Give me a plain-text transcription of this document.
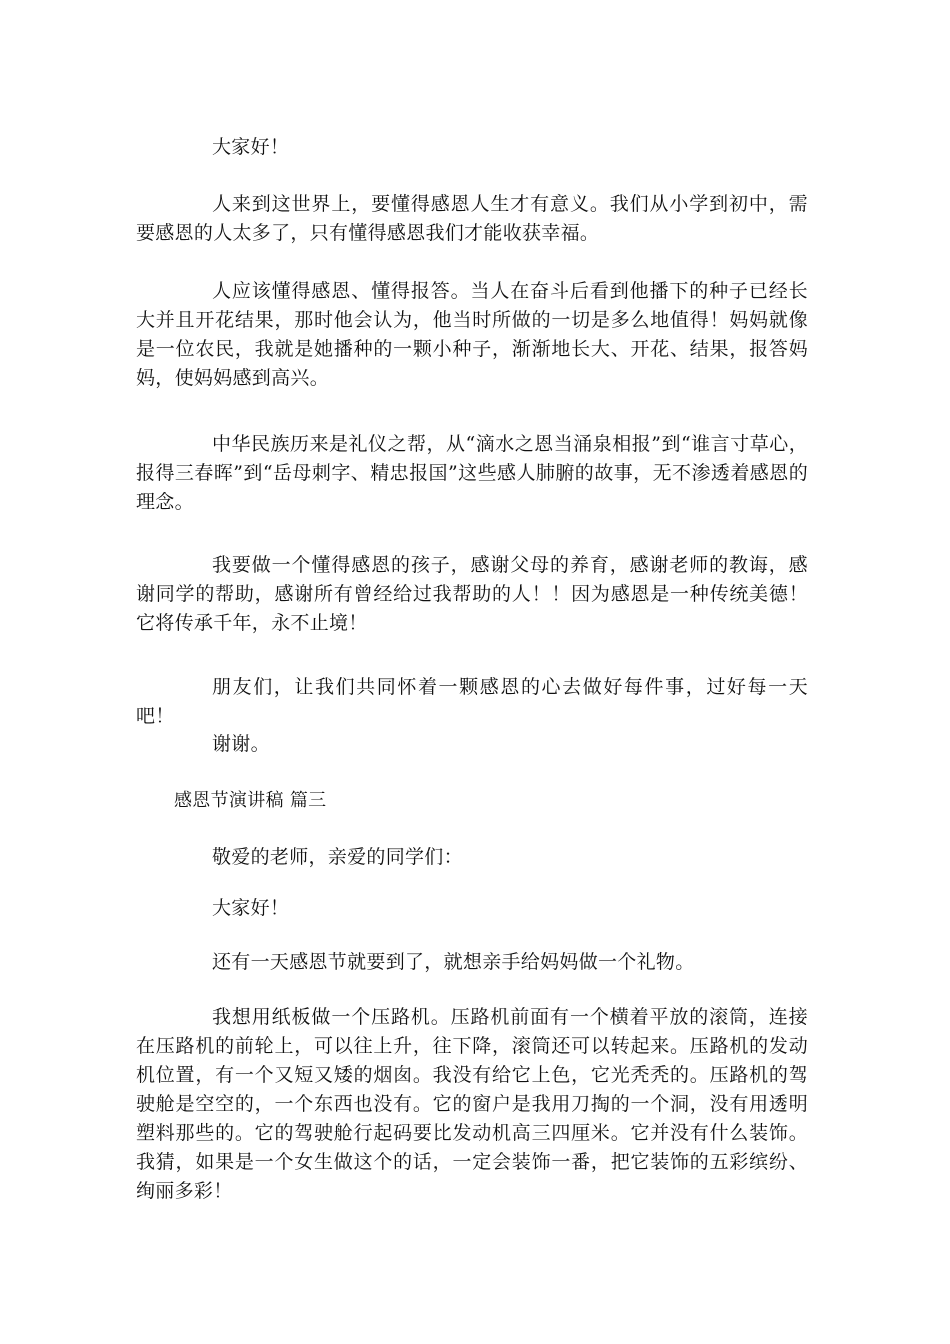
大家好！

人来到这世界上，要懂得感恩人生才有意义。我们从小学到初中，需要感恩的人太多了，只有懂得感恩我们才能收获幸福。

人应该懂得感恩、懂得报答。当人在奋斗后看到他播下的种子已经长大并且开花结果，那时他会认为，他当时所做的一切是多么地值得！妈妈就像是一位农民，我就是她播种的一颗小种子，渐渐地长大、开花、结果，报答妈妈，使妈妈感到高兴。

中华民族历来是礼仪之帮，从“滴水之恩当涌泉相报”到“谁言寸草心，报得三春晖”到“岳母刺字、精忠报国”这些感人肺腑的故事，无不渗透着感恩的理念。

我要做一个懂得感恩的孩子，感谢父母的养育，感谢老师的教诲，感谢同学的帮助，感谢所有曾经给过我帮助的人！！因为感恩是一种传统美德！它将传承千年，永不止境！

朋友们，让我们共同怀着一颗感恩的心去做好每件事，过好每一天吧！

谢谢。

感恩节演讲稿 篇三

敬爱的老师，亲爱的同学们：

大家好！

还有一天感恩节就要到了，就想亲手给妈妈做一个礼物。

我想用纸板做一个压路机。压路机前面有一个横着平放的滚筒，连接在压路机的前轮上，可以往上升，往下降，滚筒还可以转起来。压路机的发动机位置，有一个又短又矮的烟囱。我没有给它上色，它光秃秃的。压路机的驾驶舱是空空的，一个东西也没有。它的窗户是我用刀掏的一个洞，没有用透明塑料那些的。它的驾驶舱行起码要比发动机高三四厘米。它并没有什么装饰。我猜，如果是一个女生做这个的话，一定会装饰一番，把它装饰的五彩缤纷、绚丽多彩！
